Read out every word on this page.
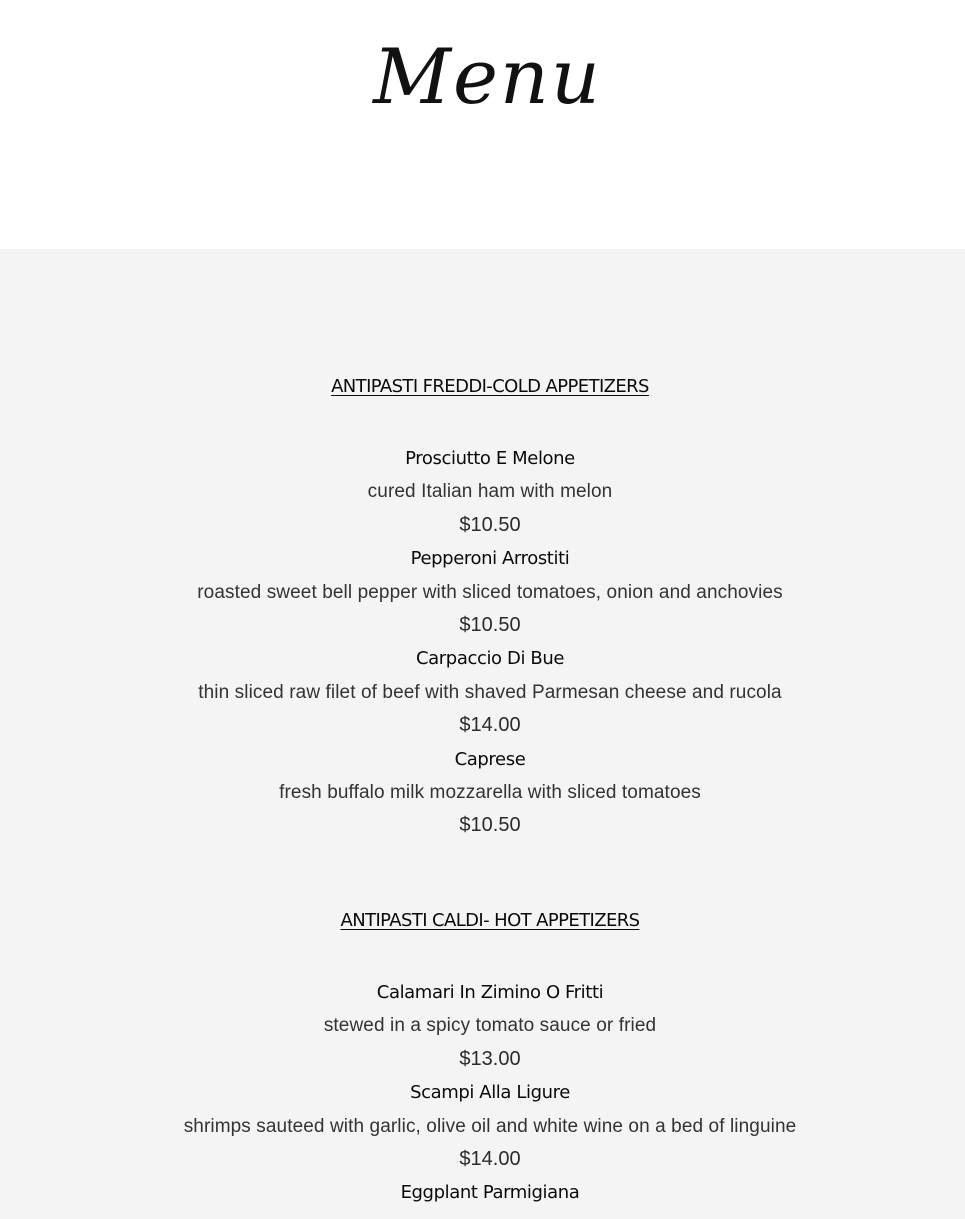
Menu
ANTIPASTI FREDDI-COLD APPETIZERS
Prosciutto E Melone
cured Italian ham with melon
$10.50
Pepperoni Arrostiti
roasted sweet bell pepper with sliced tomatoes, onion and anchovies
$10.50
Carpaccio Di Bue
thin sliced raw filet of beef with shaved Parmesan cheese and rucola
$14.00
Caprese
fresh buffalo milk mozzarella with sliced tomatoes
$10.50
ANTIPASTI CALDI- HOT APPETIZERS
Calamari In Zimino O Fritti
stewed in a spicy tomato sauce or fried
$13.00
Scampi Alla Ligure
shrimps sauteed with garlic, olive oil and white wine on a bed of linguine
$14.00
Eggplant Parmigiana
